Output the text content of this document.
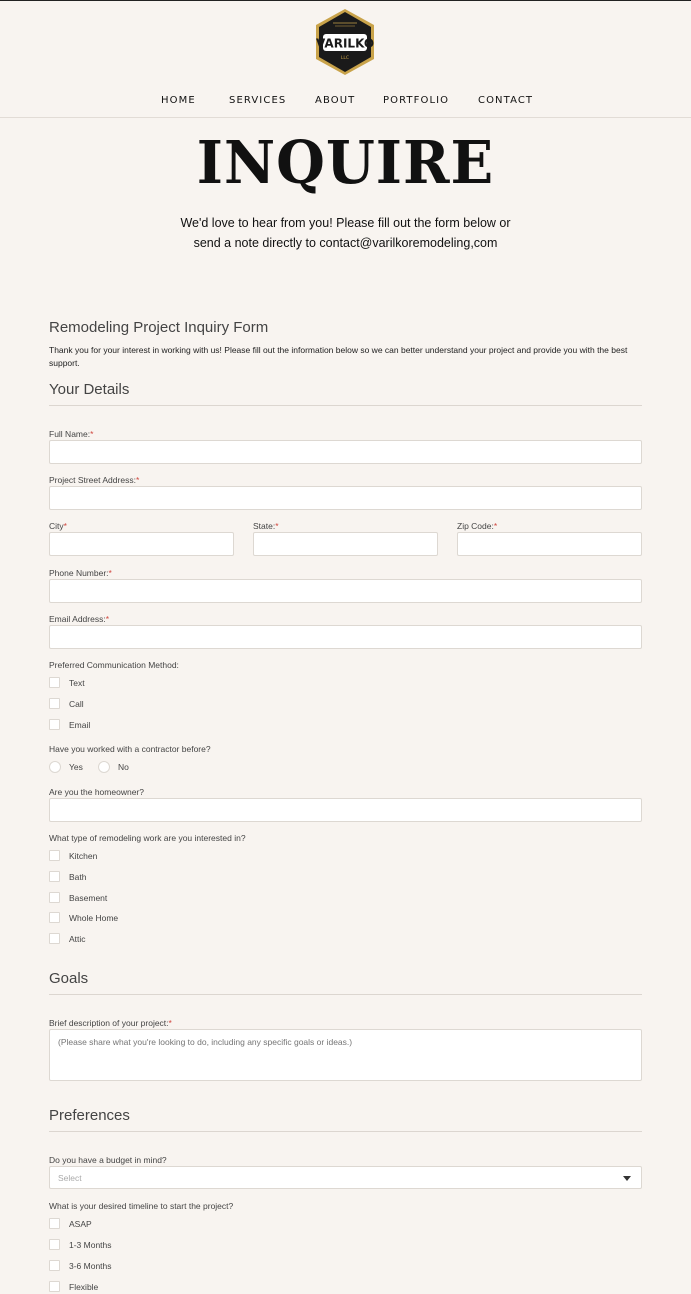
VARILKO
LLC
HOME	SERVICES	ABOUT	PORTFOLIO	CONTACT
INQUIRE
We'd love to hear from you! Please fill out the form below or
send a note directly to contact@varilkoremodeling,com
Remodeling Project Inquiry Form
Thank you for your interest in working with us! Please fill out the information below so we can better understand your project and provide you with the best support.
Your Details
Full Name:*
Project Street Address:*
City*	State:*	Zip Code:*
Phone Number:*
Email Address:*
Preferred Communication Method:
Text
Call
Email
Have you worked with a contractor before?
Yes	No
Are you the homeowner?
What type of remodeling work are you interested in?
Kitchen
Bath
Basement
Whole Home
Attic
Goals
Brief description of your project:*
(Please share what you're looking to do, including any specific goals or ideas.)
Preferences
Do you have a budget in mind?
Select
What is your desired timeline to start the project?
ASAP
1-3 Months
3-6 Months
Flexible
